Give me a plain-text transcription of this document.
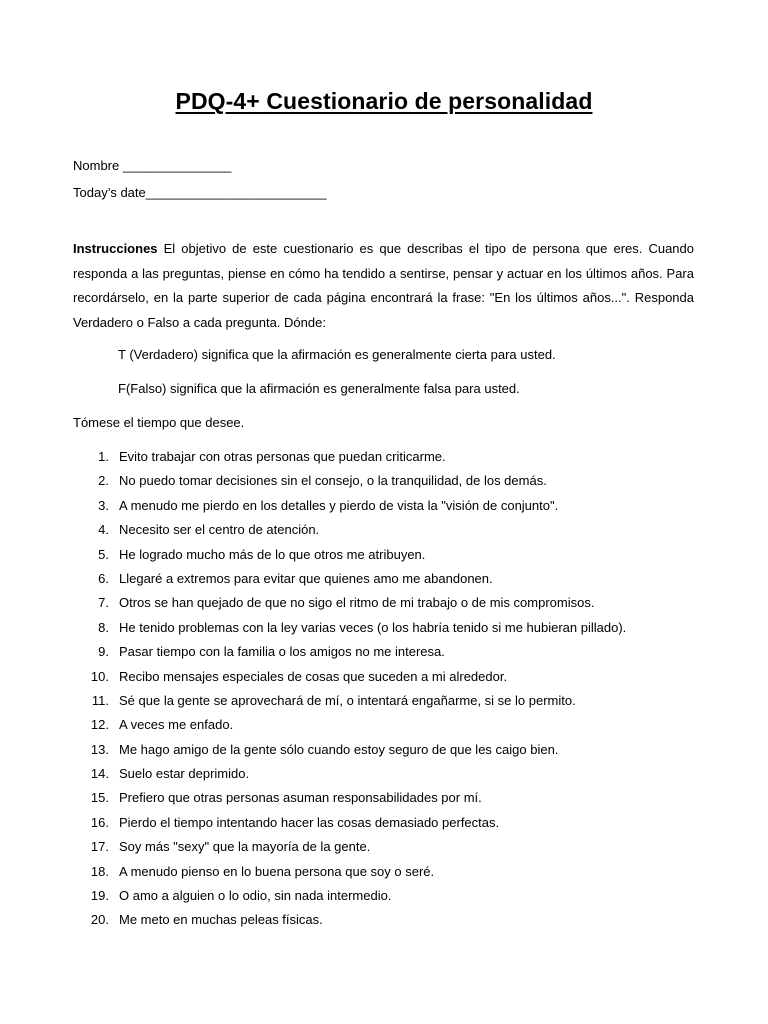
PDQ-4+ Cuestionario de personalidad
Nombre _______________
Today’s date_________________________
Instrucciones El objetivo de este cuestionario es que describas el tipo de persona que eres. Cuando responda a las preguntas, piense en cómo ha tendido a sentirse, pensar y actuar en los últimos años. Para recordárselo, en la parte superior de cada página encontrará la frase: "En los últimos años...". Responda Verdadero o Falso a cada pregunta. Dónde:
T (Verdadero) significa que la afirmación es generalmente cierta para usted.
F(Falso) significa que la afirmación es generalmente falsa para usted.
Tómese el tiempo que desee.
1. Evito trabajar con otras personas que puedan criticarme.
2. No puedo tomar decisiones sin el consejo, o la tranquilidad, de los demás.
3. A menudo me pierdo en los detalles y pierdo de vista la "visión de conjunto".
4. Necesito ser el centro de atención.
5. He logrado mucho más de lo que otros me atribuyen.
6. Llegaré a extremos para evitar que quienes amo me abandonen.
7. Otros se han quejado de que no sigo el ritmo de mi trabajo o de mis compromisos.
8. He tenido problemas con la ley varias veces (o los habría tenido si me hubieran pillado).
9. Pasar tiempo con la familia o los amigos no me interesa.
10. Recibo mensajes especiales de cosas que suceden a mi alrededor.
11. Sé que la gente se aprovechará de mí, o intentará engañarme, si se lo permito.
12. A veces me enfado.
13. Me hago amigo de la gente sólo cuando estoy seguro de que les caigo bien.
14. Suelo estar deprimido.
15. Prefiero que otras personas asuman responsabilidades por mí.
16. Pierdo el tiempo intentando hacer las cosas demasiado perfectas.
17. Soy más "sexy" que la mayoría de la gente.
18. A menudo pienso en lo buena persona que soy o seré.
19. O amo a alguien o lo odio, sin nada intermedio.
20. Me meto en muchas peleas físicas.
